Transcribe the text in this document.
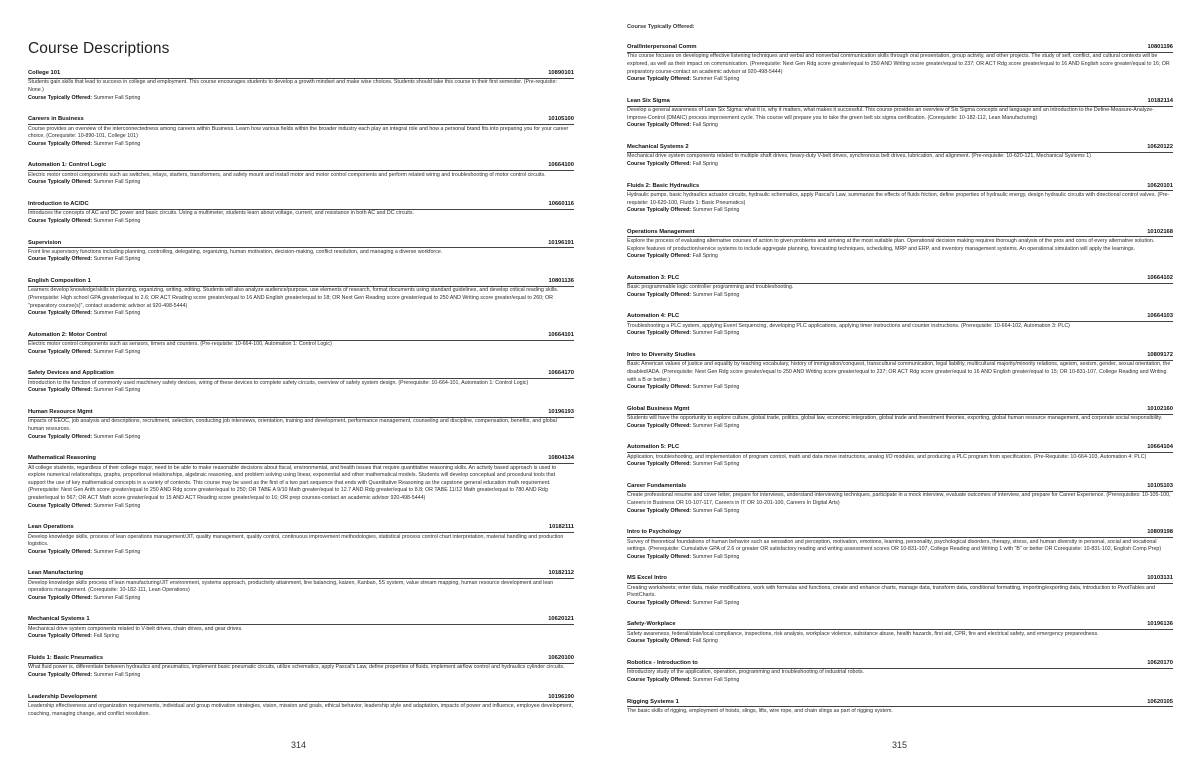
Course Descriptions
College 101	10890101
Students gain skills that lead to success in college and employment. This course encourages students to develop a growth mindset and make wise choices. Students should take this course in their first semester. (Pre-requisite: None.)
Course Typically Offered: Summer Fall Spring
Careers in Business	10105100
Course provides an overview of the interconnectedness among careers within Business. Learn how various fields within the broader industry each play an integral role and how a personal brand fits into preparing you for your career choice. (Corequisite: 10-890-101, College 101)
Course Typically Offered: Summer Fall Spring
Automation 1: Control Logic	10664100
Electric motor control components such as switches, relays, starters, transformers, and safety mount and install motor and motor control components and perform related wiring and troubleshooting of motor control circuits.
Course Typically Offered: Summer Fall Spring
Introduction to AC/DC	10660116
Introduces the concepts of AC and DC power and basic circuits. Using a multimeter, students learn about voltage, current, and resistance in both AC and DC circuits.
Course Typically Offered: Summer Fall Spring
Supervision	10196191
Front line supervisory functions including planning, controlling, delegating, organizing, human motivation, decision-making, conflict resolution, and managing a diverse workforce.
Course Typically Offered: Summer Fall Spring
English Composition 1	10801136
Learners develop knowledge/skills in planning, organizing, writing, editing. Students will also analyze audience/purpose, use elements of research, format documents using standard guidelines, and develop critical reading skills. (Prerequisite: High school GPA greater/equal to 2.6; OR ACT Reading score greater/equal to 16 AND English greater/equal to 18; OR Next Gen Reading score greater/equal to 250 AND Writing score greater/equal to 260; OR "preparatory course(s)", contact academic advisor at 920-498-5444)
Course Typically Offered: Summer Fall Spring
Automation 2: Motor Control	10664101
Electric motor control components such as sensors, timers and counters. (Pre-requisite: 10-664-100, Automation 1: Control Logic)
Course Typically Offered: Summer Fall Spring
Safety Devices and Application	10664170
Introduction to the function of commonly used machinery safety devices, wiring of these devices to complete safety circuits, overview of safety system design. (Prerequisite: 10-664-101, Automation 1: Control Logic)
Course Typically Offered: Summer Fall Spring
Human Resource Mgmt	10196193
Impacts of EEOC, job analysis and descriptions, recruitment, selection, conducting job interviews, orientation, training and development, performance management, counseling and discipline, compensation, benefits, and global human resources.
Course Typically Offered: Summer Fall Spring
Mathematical Reasoning	10804134
All college students, regardless of their college major, need to be able to make reasonable decisions about fiscal, environmental, and health issues that require quantitative reasoning skills. An activity based approach is used to explore numerical relationships, graphs, proportional relationships, algebraic reasoning, and problem solving using linear, exponential and other mathematical models. Students will develop conceptual and procedural tools that support the use of key mathematical concepts in a variety of contexts. This course may be used as the first of a two part sequence that ends with Quantitative Reasoning as the capstone general education math requirement. (Prerequisite: Next Gen Arith score greater/equal to 250 AND Rdg score greater/equal to 250; OR TABE A 9/10 Math greater/equal to 12.7 AND Rdg greater/equal to 8.8; OR TABE 11/12 Math greater/equal to 780 AND Rdg greater/equal to 567; OR ACT Math score greater/equal to 15 AND ACT Reading score greater/equal to 16; OR prep courses-contact an academic advisor 920-498-5444)
Course Typically Offered: Summer Fall Spring
Lean Operations	10182111
Develop knowledge skills, process of lean operations management/JIT, quality management, quality control, continuous improvement methodologies, statistical process control chart interpretation, material handling and production logistics.
Course Typically Offered: Summer Fall Spring
Lean Manufacturing	10182112
Develop knowledge skills process of lean manufacturing/JIT environment, systems approach, productivity attainment, line balancing, kaizen, Kanban, 5S system, value stream mapping, human resource development and lean operations management. (Corequisite: 10-182-111, Lean Operations)
Course Typically Offered: Summer Fall Spring
Mechanical Systems 1	10620121
Mechanical drive system components related to V-belt drives, chain drives, and gear drives.
Course Typically Offered: Fall Spring
Fluids 1: Basic Pneumatics	10620100
What fluid power is, differentiate between hydraulics and pneumatics, implement basic pneumatic circuits, utilize schematics, apply Pascal's Law, define properties of fluids, implement airflow control and hydraulics cylinder circuits.
Course Typically Offered: Summer Fall Spring
Leadership Development	10196190
Leadership effectiveness and organization requirements, individual and group motivation strategies, vision, mission and goals, ethical behavior, leadership style and adaptation, impacts of power and influence, employee development, coaching, managing change, and conflict resolution.
314
Course Typically Offered:
Oral/Interpersonal Comm	10801196
This course focuses on developing effective listening techniques and verbal and nonverbal communication skills through oral presentation, group activity, and other projects. The study of self, conflict, and cultural contexts will be explored, as well as their impact on communication. (Prerequisite: Next Gen Rdg score greater/equal to 250 AND Writing score greater/equal to 237; OR ACT Rdg score greater/equal to 16 AND English score greater/equal to 16; OR preparatory course-contact an academic advisor at 920-498-5444)
Course Typically Offered: Summer Fall Spring
Lean Six Sigma	10182114
Develop a general awareness of Lean Six Sigma: what it is, why it matters, what makes it successful. This course provides an overview of Six Sigma concepts and language and an introduction to the Define-Measure-Analyze-Improve-Control (DMAIC) process improvement cycle. This course will prepare you to take the green belt six sigma certification. (Corequisite: 10-182-112, Lean Manufacturing)
Course Typically Offered: Fall Spring
Mechanical Systems 2	10620122
Mechanical drive system components related to multiple shaft drives, heavy-duty V-belt drives, synchronous belt drives, lubrication, and alignment. (Pre-requisite: 10-620-121, Mechanical Systems 1)
Course Typically Offered: Fall Spring
Fluids 2: Basic Hydraulics	10620101
Hydraulic pumps, basic hydraulics actuator circuits, hydraulic schematics, apply Pascal's Law, summarize the effects of fluids friction, define properties of hydraulic energy, design hydraulic circuits with directional control valves. (Pre-requisite: 10-620-100, Fluids 1: Basic Pneumatics)
Course Typically Offered: Summer Fall Spring
Operations Management	10102168
Explore the process of evaluating alternative courses of action to given problems and arriving at the most suitable plan. Operational decision making requires thorough analysis of the pros and cons of every alternative solution. Explore features of production/service systems to include aggregate planning, forecasting techniques, scheduling, MRP and ERP, and inventory management systems. An operational simulation will apply the learnings.
Course Typically Offered: Fall Spring
Automation 3: PLC	10664102
Basic programmable logic controller programming and troubleshooting.
Course Typically Offered: Summer Fall Spring
Automation 4: PLC	10664103
Troubleshooting a PLC system, applying Event Sequencing, developing PLC applications, applying timer instructions and counter instructions. (Prerequisite: 10-664-102, Automation 3: PLC)
Course Typically Offered: Summer Fall Spring
Intro to Diversity Studies	10809172
Basic American values of justice and equality by teaching vocabulary, history of immigration/conquest, transcultural communication, legal liability, multicultural majority/minority relations, ageism, sexism, gender, sexual orientation, the disabled/ADA. (Prerequisite: Next Gen Rdg score greater/equal to 250 AND Writing score greater/equal to 237; OR ACT Rdg score greater/equal to 16 AND English greater/equal to 15; OR 10-831-107, College Reading and Writing with a B or better.)
Course Typically Offered: Summer Fall Spring
Global Business Mgmt	10102160
Students will have the opportunity to explore culture, global trade, politics, global law, economic integration, global trade and investment theories, exporting, global human resource management, and corporate social responsibility.
Course Typically Offered: Summer Fall Spring
Automation 5: PLC	10664104
Application, troubleshooting, and implementation of program control, math and data move instructions, analog I/O modules, and producing a PLC program from specification. (Pre-Requisite: 10-664-103, Automation 4: PLC)
Course Typically Offered: Summer Fall Spring
Career Fundamentals	10105103
Create professional resume and cover letter, prepare for interviews, understand interviewing techniques, participate in a mock interview, evaluate outcomes of interview, and prepare for Career Experience. (Prerequisites: 10-105-100, Careers in Business OR 10-107-117, Careers in IT OR 10-201-100, Careers In Digital Arts)
Course Typically Offered: Summer Fall Spring
Intro to Psychology	10809198
Survey of theoretical foundations of human behavior such as sensation and perception, motivation, emotions, learning, personality, psychological disorders, therapy, stress, and human diversity in personal, social and vocational settings. (Prerequisite: Cumulative GPA of 2.6 or greater OR satisfactory reading and writing assessment scores OR 10-831-107, College Reading and Writing 1 with "B" or better OR Corequisite: 10-831-102, English Comp Prep)
Course Typically Offered: Summer Fall Spring
MS Excel Intro	10103131
Creating worksheets; enter data, make modifications, work with formulas and functions, create and enhance charts, manage data, transform data, conditional formatting, importing/exporting data, introduction to PivotTables and PivotCharts.
Course Typically Offered: Summer Fall Spring
Safety-Workplace	10196136
Safety awareness, federal/state/local compliance, inspections, risk analysis, workplace violence, substance abuse, health hazards, first aid, CPR, fire and electrical safety, and emergency preparedness.
Course Typically Offered: Fall Spring
Robotics - Introduction to	10620170
Introductory study of the application, operation, programming and troubleshooting of industrial robots.
Course Typically Offered: Summer Fall Spring
Rigging Systems 1	10620105
The basic skills of rigging, employment of hoists, slings, lifts, wire rope, and chain slings as part of rigging system.
315
